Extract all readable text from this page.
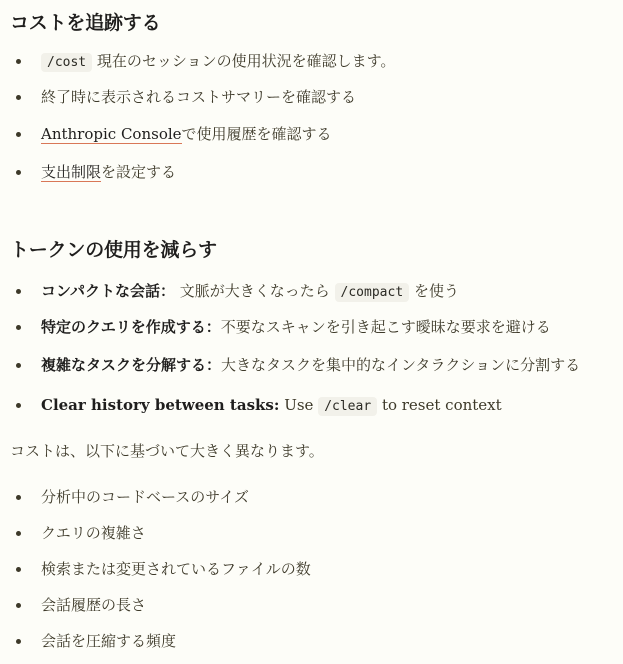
コストを追跡する
/cost 現在のセッションの使用状況を確認します。
終了時に表示されるコストサマリーを確認する
Anthropic Consoleで使用履歴を確認する
支出制限を設定する
トークンの使用を減らす
コンパクトな会話： 文脈が大きくなったら /compact を使う
特定のクエリを作成する：不要なスキャンを引き起こす曖昧な要求を避ける
複雑なタスクを分解する：大きなタスクを集中的なインタラクションに分割する
Clear history between tasks: Use /clear to reset context
コストは、以下に基づいて大きく異なります。
分析中のコードベースのサイズ
クエリの複雑さ
検索または変更されているファイルの数
会話履歴の長さ
会話を圧縮する頻度
